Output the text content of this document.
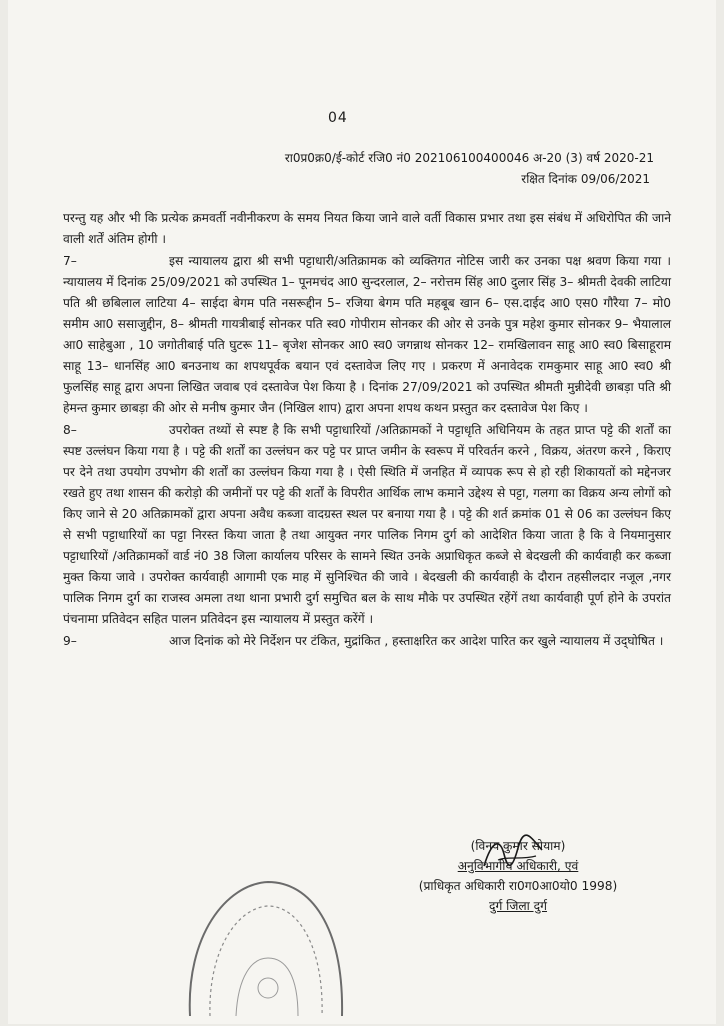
04
रा0प्र0क्र0/ई-कोर्ट रजि0 नं0 202106100400046 अ-20 (3) वर्ष 2020-21
रक्षित दिनांक 09/06/2021

परन्तु यह और भी कि प्रत्येक क्रमवर्ती नवीनीकरण के समय नियत किया जाने वाले वर्ती विकास प्रभार तथा इस संबंध में अधिरोपित की जाने वाली शर्तें अंतिम होगी ।

7–	इस न्यायालय द्वारा श्री सभी पट्टाधारी/अतिक्रामक को व्यक्तिगत नोटिस जारी कर उनका पक्ष श्रवण किया गया । न्यायालय में दिनांक 25/09/2021 को उपस्थित 1– पूनमचंद आ0 सुन्दरलाल, 2– नरोत्तम सिंह आ0 दुलार सिंह 3– श्रीमती देवकी लाटिया पति श्री छबिलाल लाटिया 4– साईदा बेगम पति नसरूद्दीन 5– रजिया बेगम पति महबूब खान 6– एस.दाईद आ0 एस0 गौरैया 7– मो0 समीम आ0 ससाजुद्दीन, 8– श्रीमती गायत्रीबाई सोनकर पति स्व0 गोपीराम सोनकर की ओर से उनके पुत्र महेश कुमार सोनकर 9– भैयालाल आ0 साहेबुआ , 10 जगोतीबाई पति घुटरू 11– बृजेश सोनकर आ0 स्व0 जगन्नाथ सोनकर 12– रामखिलावन साहू आ0 स्व0 बिसाहूराम साहू 13– धानसिंह आ0 बनउनाथ का शपथपूर्वक बयान एवं दस्तावेज लिए गए । प्रकरण में अनावेदक रामकुमार साहू आ0 स्व0 श्री फुलसिंह साहू द्वारा अपना लिखित जवाब एवं दस्तावेज पेश किया है । दिनांक 27/09/2021 को उपस्थित श्रीमती मुन्नीदेवी छाबड़ा पति श्री हेमन्त कुमार छाबड़ा की ओर से मनीष कुमार जैन (निखिल शाप) द्वारा अपना शपथ कथन प्रस्तुत कर दस्तावेज पेश किए ।

8–	उपरोक्त तथ्यों से स्पष्ट है कि सभी पट्टाधारियों /अतिक्रामकों ने पट्टाधृति अधिनियम के तहत प्राप्त पट्टे की शर्तों का स्पष्ट उल्लंघन किया गया है । पट्टे की शर्तों का उल्लंघन कर पट्टे पर प्राप्त जमीन के स्वरूप में परिवर्तन करने , विक्रय, अंतरण करने , किराए पर देने तथा उपयोग उपभोग की शर्तों का उल्लंघन किया गया है । ऐसी स्थिति में जनहित में व्यापक रूप से हो रही शिकायतों को मद्देनजर रखते हुए तथा शासन की करोड़ो की जमीनों पर पट्टे की शर्तों के विपरीत आर्थिक लाभ कमाने उद्देश्य से पट्टा, गलगा का विक्रय अन्य लोगों को किए जाने से 20 अतिक्रामकों द्वारा अपना अवैध कब्जा वादग्रस्त स्थल पर बनाया गया है । पट्टे की शर्त क्रमांक 01 से 06 का उल्लंघन किए से सभी पट्टाधारियों का पट्टा निरस्त किया जाता है तथा आयुक्त नगर पालिक निगम दुर्ग को आदेशित किया जाता है कि वे नियमानुसार पट्टाधारियों /अतिक्रामकों वार्ड नं0 38 जिला कार्यालय परिसर के सामने स्थित उनके अप्राधिकृत कब्जे से बेदखली की कार्यवाही कर कब्जा मुक्त किया जावे । उपरोक्त कार्यवाही आगामी एक माह में सुनिश्चित की जावे । बेदखली की कार्यवाही के दौरान तहसीलदार नजूल ,नगर पालिक निगम दुर्ग का राजस्व अमला तथा थाना प्रभारी दुर्ग समुचित बल के साथ मौके पर उपस्थित रहेंगें तथा कार्यवाही पूर्ण होने के उपरांत पंचनामा प्रतिवेदन सहित पालन प्रतिवेदन इस न्यायालय में प्रस्तुत करेंगें ।

9–	आज दिनांक को मेरे निर्देशन पर टंकित, मुद्रांकित , हस्ताक्षरित कर आदेश पारित कर खुले न्यायालय में उद्‌घोषित ।

(विनय कुमार सोयाम)
अनुविभागीय अधिकारी, एवं
(प्राधिकृत अधिकारी रा0ग0आ0यो0 1998)
दुर्ग जिला दुर्ग
